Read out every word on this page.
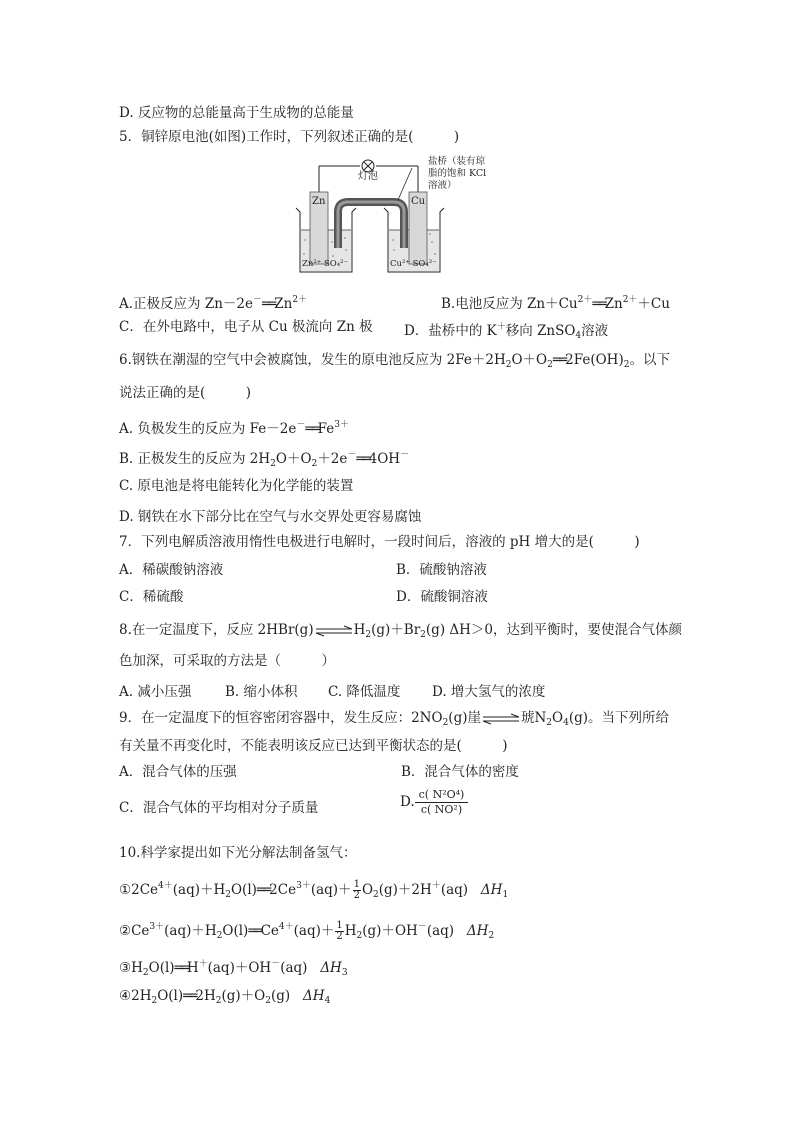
D. 反应物的总能量高于生成物的总能量
5．铜锌原电池(如图)工作时，下列叙述正确的是(　　　)
灯泡
盐桥（装有琼
脂的饱和 KCl
溶液）
Zn	Cu
Zn²⁺ SO₄²⁻	Cu²⁺ SO₄²⁻
A.正极反应为 $Zn-2e^-══Zn^{2+}$	B.电池反应为 $Zn+Cu^{2+}══Zn^{2+}+Cu$
C．在外电路中，电子从 Cu 极流向 Zn 极 D．盐桥中的 K＋移向 ZnSO$_4$溶液
6.钢铁在潮湿的空气中会被腐蚀，发生的原电池反应为 $2Fe+2H_2O+O_2══2Fe(OH)_2$。以下
说法正确的是(　　　)
A. 负极发生的反应为 $Fe-2e^-══Fe^{3+}$
B. 正极发生的反应为 $2H_2O+O_2+2e^-══4OH^-$
C. 原电池是将电能转化为化学能的装置
D. 钢铁在水下部分比在空气与水交界处更容易腐蚀
7．下列电解质溶液用惰性电极进行电解时，一段时间后，溶液的 pH 增大的是(　　　)
A．稀碳酸钠溶液	B．硫酸钠溶液
C．稀硫酸	D．硫酸铜溶液
8.在一定温度下，反应 $2HBr(g)\rightleftharpoons H_2(g)+Br_2(g)$ ΔH＞0，达到平衡时，要使混合气体颜
色加深，可采取的方法是（　　　）
A. 减小压强 B. 缩小体积 C. 降低温度 D. 增大氢气的浓度
9．在一定温度下的恒容密闭容器中，发生反应：$2NO_2(g)$崖⇌琥$N_2O_4(g)$。当下列所给
有关量不再变化时，不能表明该反应已达到平衡状态的是(　　　)
A．混合气体的压强	B．混合气体的密度
C．混合气体的平均相对分子质量	D. $\frac{\text{c( N²O⁴)}}{\text{c( NO²)}}$
10.科学家提出如下光分解法制备氢气：
$①2Ce^{4+}(aq)+H_2O(l)══2Ce^{3+}(aq)+ \frac{1}{2} O_2(g)+2H^+(aq)$ $\Delta H_1$
$②Ce^{3+}(aq)+H_2O(l)══Ce^{4+}(aq)+ \frac{1}{2} H_2(g)+OH^-(aq)$ $\Delta H_2$
$③H_2O(l)══H^+(aq)+OH^-(aq)$ $\Delta H_3$
$④2H_2O(l)══2H_2(g)+O_2(g)$ $\Delta H_4$
